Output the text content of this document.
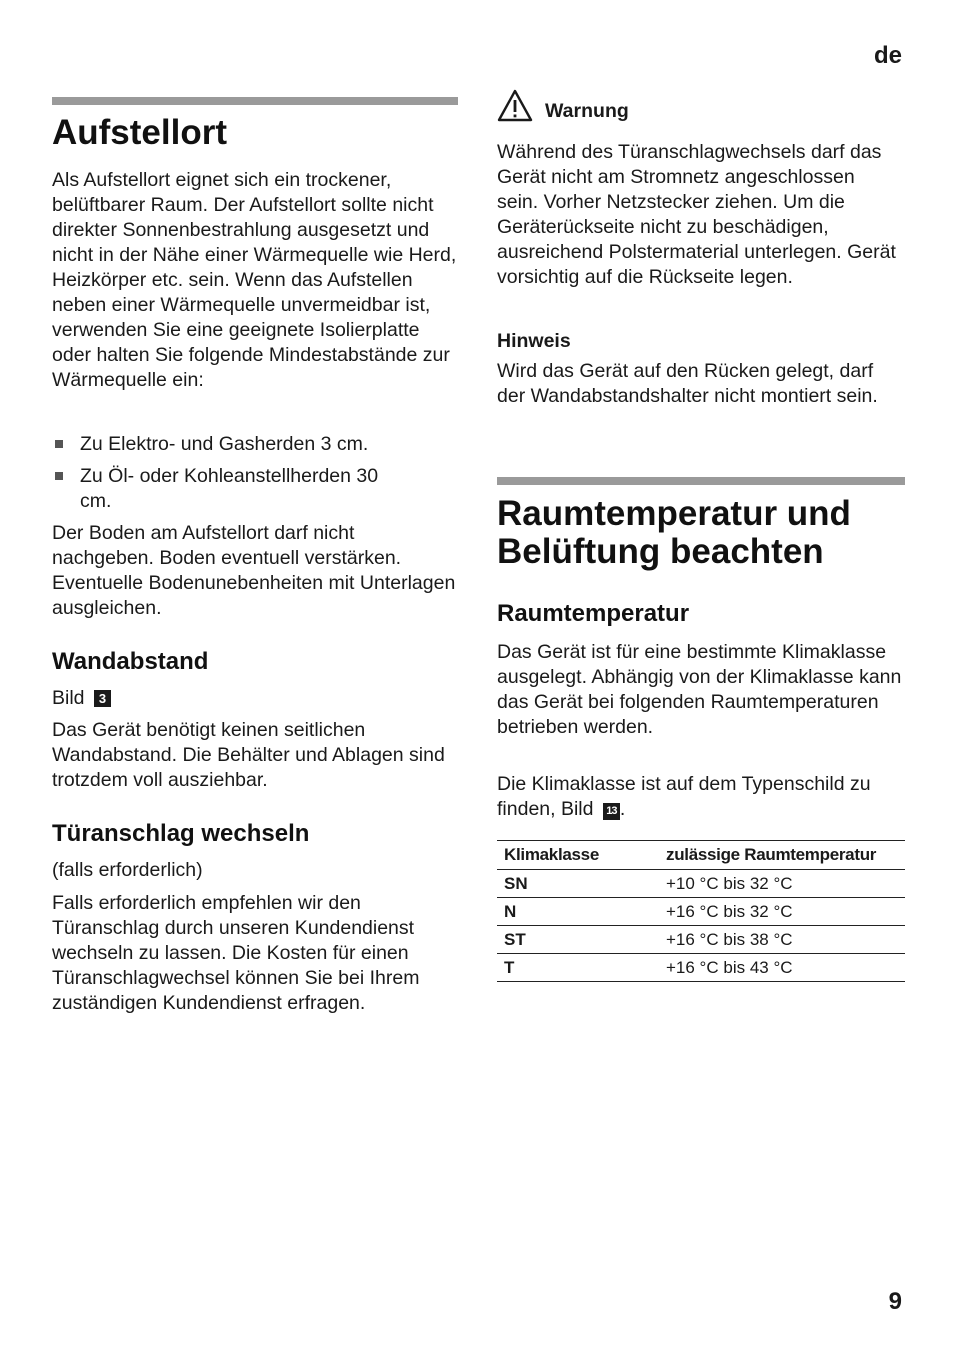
de
Aufstellort

Als Aufstellort eignet sich ein trockener, belüftbarer Raum. Der Aufstellort sollte nicht direkter Sonnenbestrahlung ausgesetzt und nicht in der Nähe einer Wärmequelle wie Herd, Heizkörper etc. sein. Wenn das Aufstellen neben einer Wärmequelle unvermeidbar ist, verwenden Sie eine geeignete Isolierplatte oder halten Sie folgende Mindestabstände zur Wärmequelle ein:

Zu Elektro- und Gasherden 3 cm.
Zu Öl- oder Kohleanstellherden 30 cm.

Der Boden am Aufstellort darf nicht nachgeben. Boden eventuell verstärken. Eventuelle Bodenunebenheiten mit Unterlagen ausgleichen.

Wandabstand

Bild 3

Das Gerät benötigt keinen seitlichen Wandabstand. Die Behälter und Ablagen sind trotzdem voll ausziehbar.

Türanschlag wechseln

(falls erforderlich)

Falls erforderlich empfehlen wir den Türanschlag durch unseren Kundendienst wechseln zu lassen. Die Kosten für einen Türanschlagwechsel können Sie bei Ihrem zuständigen Kundendienst erfragen.

Warnung

Während des Türanschlagwechsels darf das Gerät nicht am Stromnetz angeschlossen sein. Vorher Netzstecker ziehen. Um die Geräterückseite nicht zu beschädigen, ausreichend Polstermaterial unterlegen. Gerät vorsichtig auf die Rückseite legen.

Hinweis

Wird das Gerät auf den Rücken gelegt, darf der Wandabstandshalter nicht montiert sein.

Raumtemperatur und Belüftung beachten
Raumtemperatur

Das Gerät ist für eine bestimmte Klimaklasse ausgelegt. Abhängig von der Klimaklasse kann das Gerät bei folgenden Raumtemperaturen betrieben werden.

Die Klimaklasse ist auf dem Typenschild zu finden, Bild 13 .

Klimaklasse	zulässige Raumtemperatur
SN	+10 °C bis 32 °C
N	+16 °C bis 32 °C
ST	+16 °C bis 38 °C
T	+16 °C bis 43 °C
9
